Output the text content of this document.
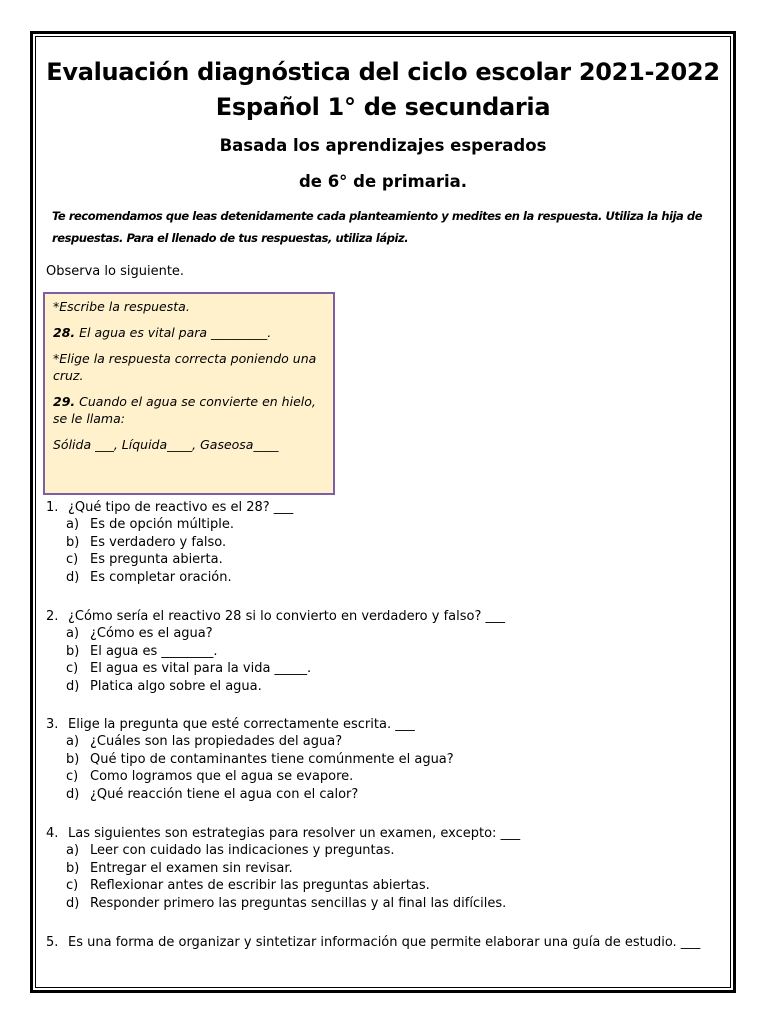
Evaluación diagnóstica del ciclo escolar 2021-2022
Español 1° de secundaria
Basada los aprendizajes esperados
de 6° de primaria.
Te recomendamos que leas detenidamente cada planteamiento y medites en la respuesta. Utiliza la hija de respuestas. Para el llenado de tus respuestas, utiliza lápiz.
Observa lo siguiente.

*Escribe la respuesta.

28. El agua es vital para _________.

*Elige la respuesta correcta poniendo una cruz.

29. Cuando el agua se convierte en hielo, se le llama:

Sólida ___, Líquida____, Gaseosa____

1. ¿Qué tipo de reactivo es el 28? ___
a) Es de opción múltiple.
b) Es verdadero y falso.
c) Es pregunta abierta.
d) Es completar oración.
2. ¿Cómo sería el reactivo 28 si lo convierto en verdadero y falso? ___
a) ¿Cómo es el agua?
b) El agua es ________.
c) El agua es vital para la vida _____.
d) Platica algo sobre el agua.
3. Elige la pregunta que esté correctamente escrita. ___
a) ¿Cuáles son las propiedades del agua?
b) Qué tipo de contaminantes tiene comúnmente el agua?
c) Como logramos que el agua se evapore.
d) ¿Qué reacción tiene el agua con el calor?
4. Las siguientes son estrategias para resolver un examen, excepto: ___
a) Leer con cuidado las indicaciones y preguntas.
b) Entregar el examen sin revisar.
c) Reflexionar antes de escribir las preguntas abiertas.
d) Responder primero las preguntas sencillas y al final las difíciles.
5. Es una forma de organizar y sintetizar información que permite elaborar una guía de estudio. ___
